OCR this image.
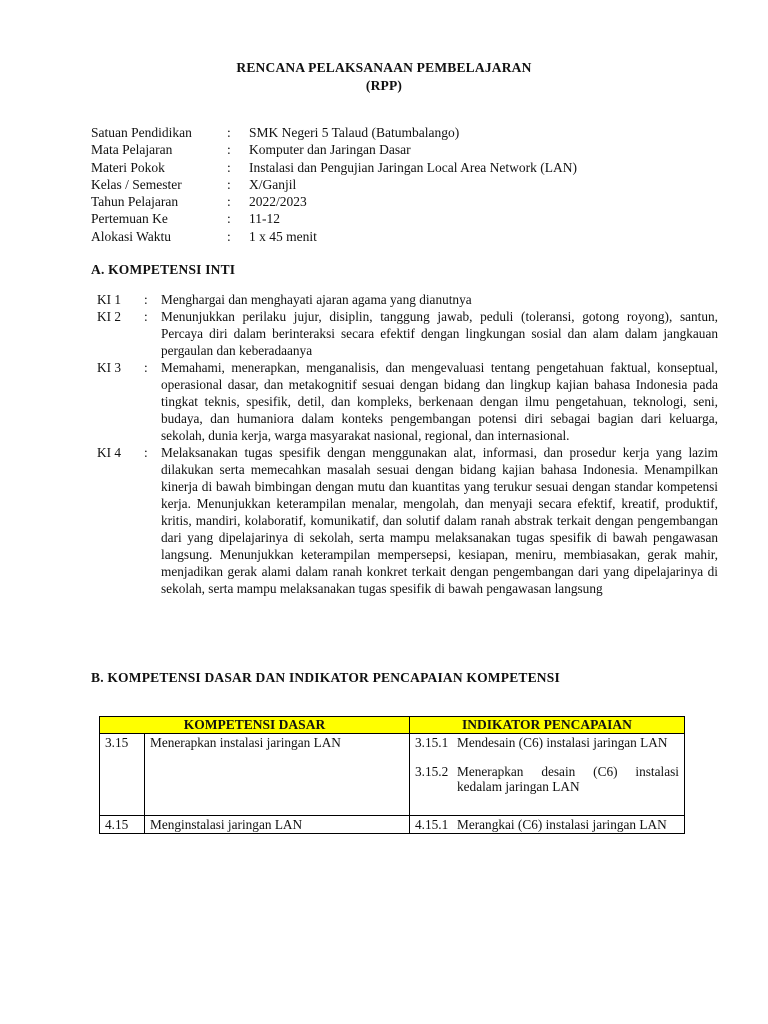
RENCANA PELAKSANAAN PEMBELAJARAN
(RPP)
Satuan Pendidikan	:	SMK Negeri 5 Talaud (Batumbalango)
Mata Pelajaran	:	Komputer dan Jaringan Dasar
Materi Pokok	:	Instalasi dan Pengujian Jaringan Local Area Network (LAN)
Kelas / Semester	:	X/Ganjil
Tahun Pelajaran	:	2022/2023
Pertemuan Ke	:	11-12
Alokasi Waktu	:	1 x 45 menit
A. KOMPETENSI INTI
KI 1	: Menghargai dan menghayati ajaran agama yang dianutnya
KI 2	: Menunjukkan perilaku jujur, disiplin, tanggung jawab, peduli (toleransi, gotong royong), santun, Percaya diri dalam berinteraksi secara efektif dengan lingkungan sosial dan alam dalam jangkauan pergaulan dan keberadaanya
KI 3	: Memahami, menerapkan, menganalisis, dan mengevaluasi tentang pengetahuan faktual, konseptual, operasional dasar, dan metakognitif sesuai dengan bidang dan lingkup kajian bahasa Indonesia pada tingkat teknis, spesifik, detil, dan kompleks, berkenaan dengan ilmu pengetahuan, teknologi, seni, budaya, dan humaniora dalam konteks pengembangan potensi diri sebagai bagian dari keluarga, sekolah, dunia kerja, warga masyarakat nasional, regional, dan internasional.
KI 4	: Melaksanakan tugas spesifik dengan menggunakan alat, informasi, dan prosedur kerja yang lazim dilakukan serta memecahkan masalah sesuai dengan bidang kajian bahasa Indonesia. Menampilkan kinerja di bawah bimbingan dengan mutu dan kuantitas yang terukur sesuai dengan standar kompetensi kerja. Menunjukkan keterampilan menalar, mengolah, dan menyaji secara efektif, kreatif, produktif, kritis, mandiri, kolaboratif, komunikatif, dan solutif dalam ranah abstrak terkait dengan pengembangan dari yang dipelajarinya di sekolah, serta mampu melaksanakan tugas spesifik di bawah pengawasan langsung. Menunjukkan keterampilan mempersepsi, kesiapan, meniru, membiasakan, gerak mahir, menjadikan gerak alami dalam ranah konkret terkait dengan pengembangan dari yang dipelajarinya di sekolah, serta mampu melaksanakan tugas spesifik di bawah pengawasan langsung
B. KOMPETENSI DASAR DAN INDIKATOR PENCAPAIAN KOMPETENSI
KOMPETENSI DASAR		INDIKATOR PENCAPAIAN
3.15	Menerapkan instalasi jaringan LAN	3.15.1 Mendesain (C6) instalasi jaringan LAN
3.15.2 Menerapkan desain (C6) instalasi kedalam jaringan LAN

4.15	Menginstalasi jaringan LAN	4.15.1 Merangkai (C6) instalasi jaringan LAN
